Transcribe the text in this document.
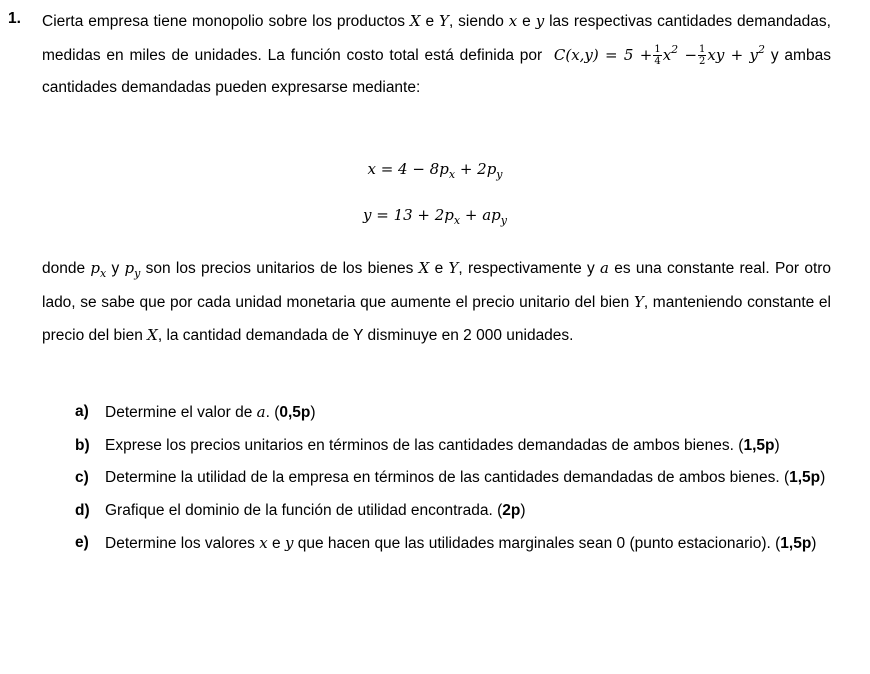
1. Cierta empresa tiene monopolio sobre los productos X e Y, siendo x e y las respectivas cantidades demandadas, medidas en miles de unidades. La función costo total está definida por $C(x,y) = 5 + \frac{1}{4} x^2 - \frac{1}{2}$ xy + $y^2$ y ambas cantidades demandadas pueden expresarse mediante:
$x = 4 - 8p_x + 2p_y$
$y = 13 + 2p_x + ap_y$
donde $p_x$ y $p_y$ son los precios unitarios de los bienes X e Y, respectivamente y a es una constante real. Por otro lado, se sabe que por cada unidad monetaria que aumente el precio unitario del bien Y, manteniendo constante el precio del bien X, la cantidad demandada de Y disminuye en 2 000 unidades.
a)	Determine el valor de a. (0,5p)
b) Exprese los precios unitarios en términos de las cantidades demandadas de ambos bienes. (1,5p)
c)	Determine la utilidad de la empresa en términos de las cantidades demandadas de ambos bienes. (1,5p)
d) Grafique el dominio de la función de utilidad encontrada. (2p)
e)	Determine los valores x e y que hacen que las utilidades marginales sean 0 (punto estacionario). (1,5p)
